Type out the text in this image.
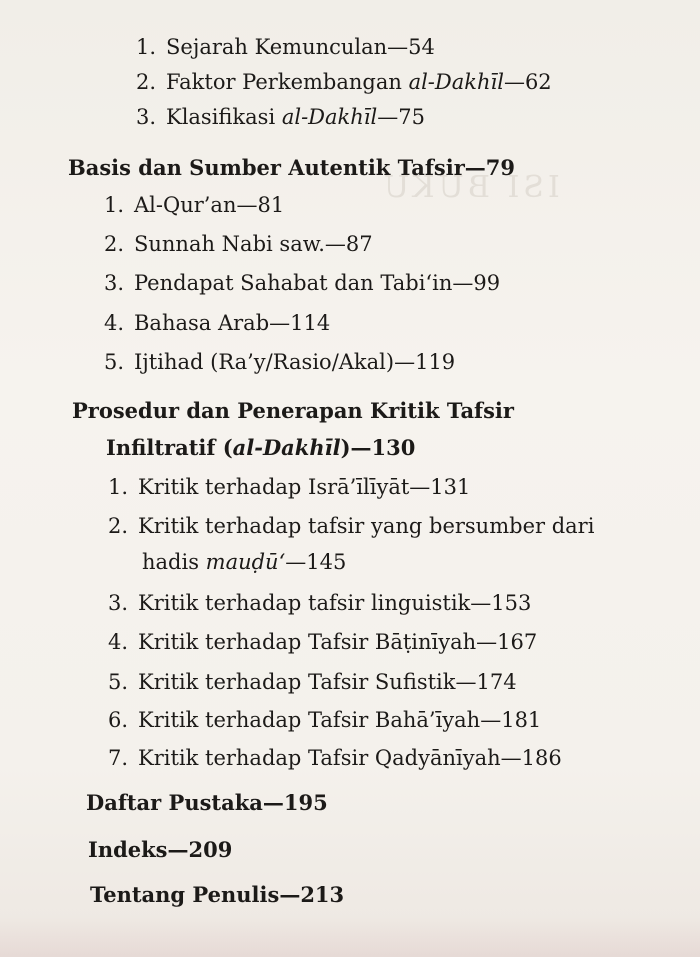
ISI BUKU
1. Sejarah Kemunculan—54
2. Faktor Perkembangan al-Dakhīl—62
3. Klasifikasi al-Dakhīl—75
Basis dan Sumber Autentik Tafsir—79
1. Al-Qur’an—81
2. Sunnah Nabi saw.—87
3. Pendapat Sahabat dan Tabi‘in—99
4. Bahasa Arab—114
5. Ijtihad (Ra’y/Rasio/Akal)—119
Prosedur dan Penerapan Kritik Tafsir
Infiltratif (al-Dakhīl)—130
1. Kritik terhadap Isrā’īlīyāt—131
2. Kritik terhadap tafsir yang bersumber dari
hadis mauḍū‘—145
3. Kritik terhadap tafsir linguistik—153
4. Kritik terhadap Tafsir Bāṭinīyah—167
5. Kritik terhadap Tafsir Sufistik—174
6. Kritik terhadap Tafsir Bahā’īyah—181
7. Kritik terhadap Tafsir Qadyānīyah—186
Daftar Pustaka—195
Indeks—209
Tentang Penulis—213
